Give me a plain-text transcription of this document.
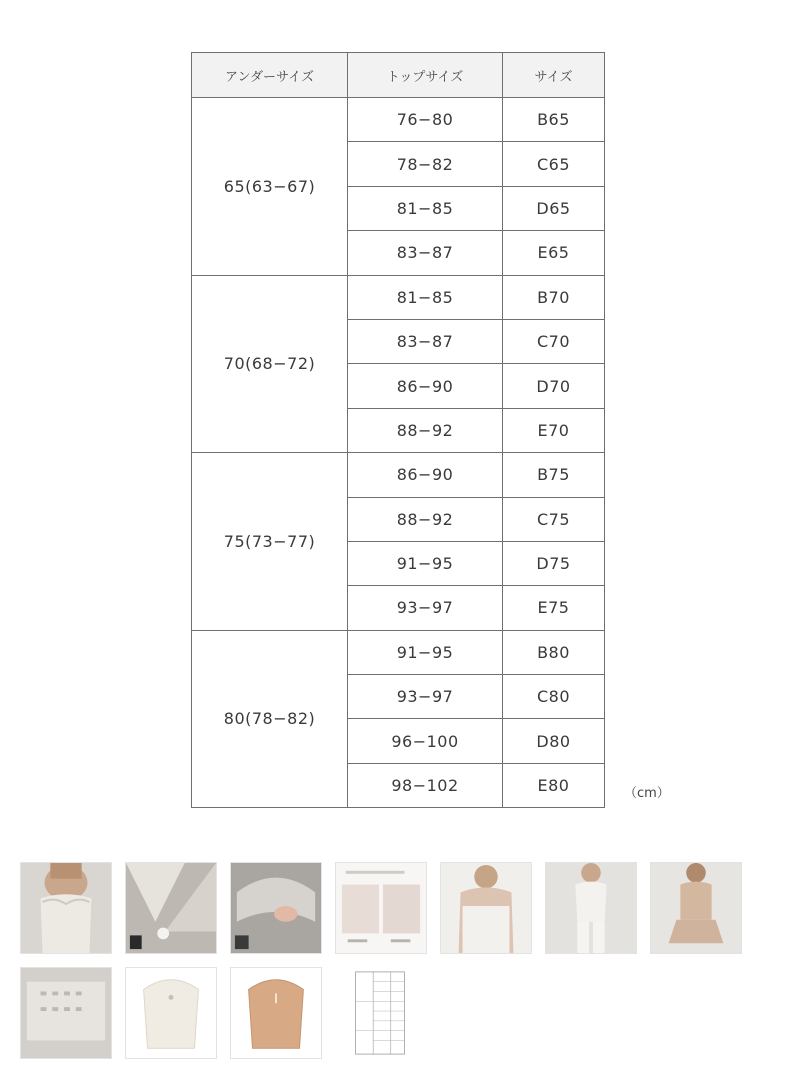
アンダーサイズ	トップサイズ	サイズ
65(63−67)	76−80	B65
	78−82	C65
	81−85	D65
	83−87	E65
70(68−72)	81−85	B70
	83−87	C70
	86−90	D70
	88−92	E70
75(73−77)	86−90	B75
	88−92	C75
	91−95	D75
	93−97	E75
80(78−82)	91−95	B80
	93−97	C80
	96−100	D80
	98−102	E80	（cm）
